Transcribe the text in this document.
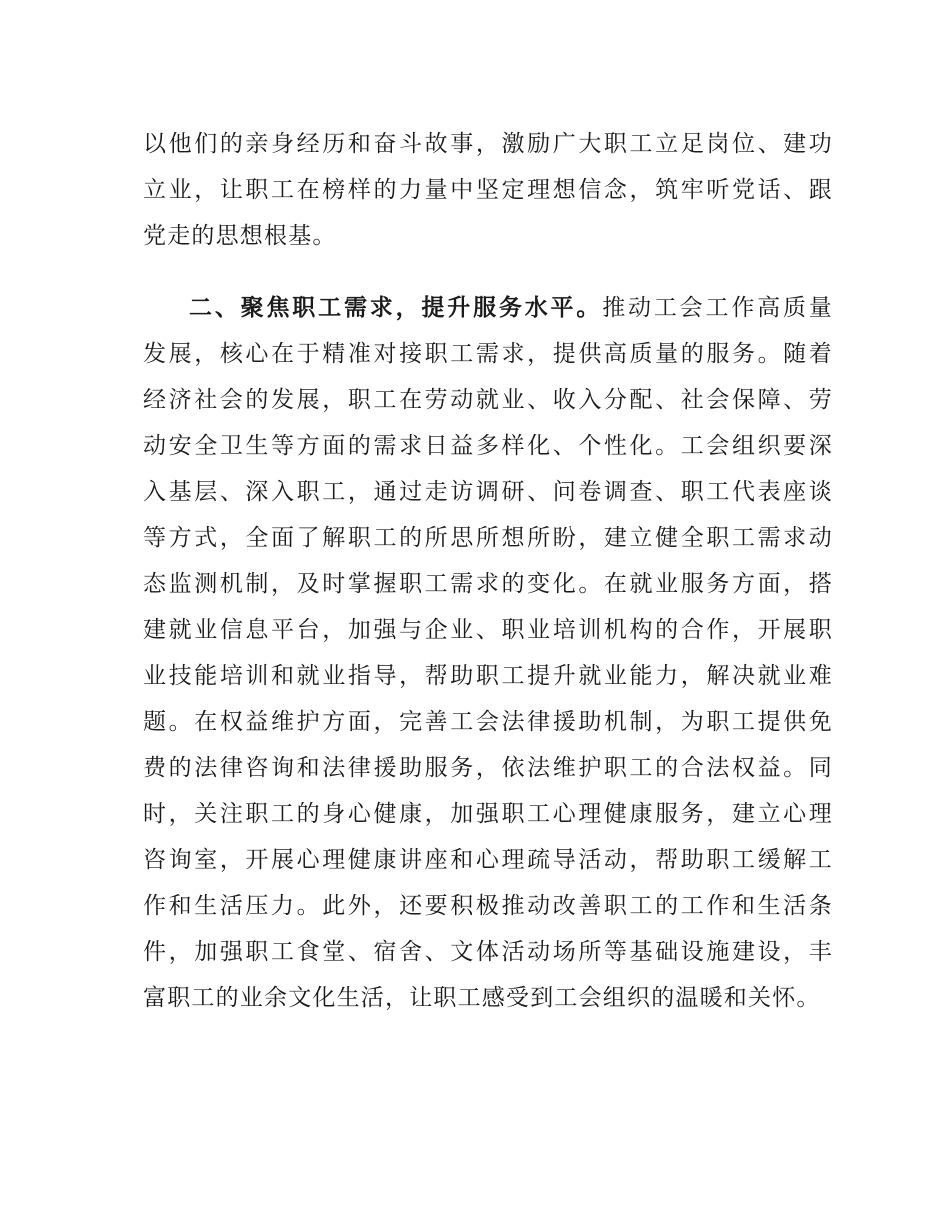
以他们的亲身经历和奋斗故事，激励广大职工立足岗位、建功
立业，让职工在榜样的力量中坚定理想信念，筑牢听党话、跟
党走的思想根基。
二、聚焦职工需求，提升服务水平。推动工会工作高质量
发展，核心在于精准对接职工需求，提供高质量的服务。随着
经济社会的发展，职工在劳动就业、收入分配、社会保障、劳
动安全卫生等方面的需求日益多样化、个性化。工会组织要深
入基层、深入职工，通过走访调研、问卷调查、职工代表座谈
等方式，全面了解职工的所思所想所盼，建立健全职工需求动
态监测机制，及时掌握职工需求的变化。在就业服务方面，搭
建就业信息平台，加强与企业、职业培训机构的合作，开展职
业技能培训和就业指导，帮助职工提升就业能力，解决就业难
题。在权益维护方面，完善工会法律援助机制，为职工提供免
费的法律咨询和法律援助服务，依法维护职工的合法权益。同
时，关注职工的身心健康，加强职工心理健康服务，建立心理
咨询室，开展心理健康讲座和心理疏导活动，帮助职工缓解工
作和生活压力。此外，还要积极推动改善职工的工作和生活条
件，加强职工食堂、宿舍、文体活动场所等基础设施建设，丰
富职工的业余文化生活，让职工感受到工会组织的温暖和关怀。
